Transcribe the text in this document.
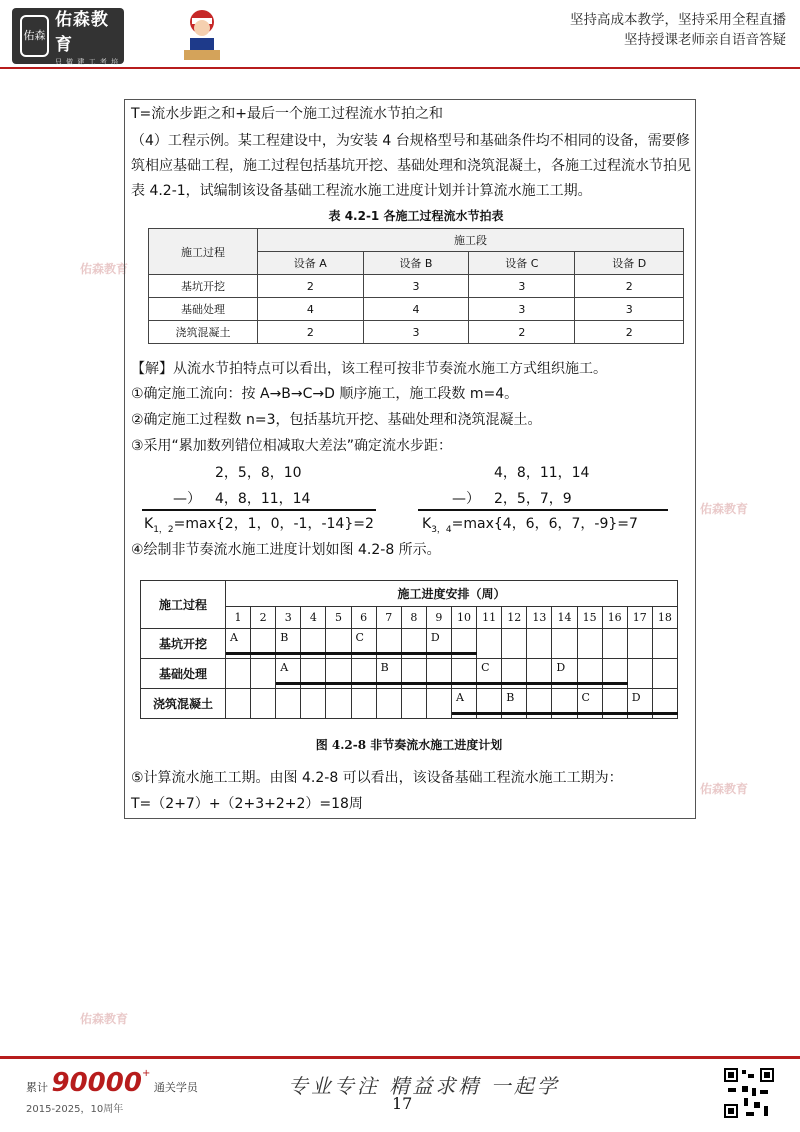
佑森
佑森教育
只 做 建 工 考 培
坚持高成本教学，坚持采用全程直播
坚持授课老师亲自语音答疑
佑森教育
佑森教育
佑森教育
佑森教育
T=流水步距之和+最后一个施工过程流水节拍之和
（4）工程示例。某工程建设中，为安装 4 台规格型号和基础条件均不相同的设备，需要修
筑相应基础工程，施工过程包括基坑开挖、基础处理和浇筑混凝土，各施工过程流水节拍见
表 4.2-1，试编制该设备基础工程流水施工进度计划并计算流水施工工期。
表 4.2-1 各施工过程流水节拍表
施工过程	施工段			
	设备 A	设备 B	设备 C	设备 D
基坑开挖	2	3	3	2
基础处理	4	4	3	3
浇筑混凝土	2	3	2	2
【解】从流水节拍特点可以看出，该工程可按非节奏流水施工方式组织施工。
①确定施工流向：按 A→B→C→D 顺序施工，施工段数 m=4。
②确定施工过程数 n=3，包括基坑开挖、基础处理和浇筑混凝土。
③采用“累加数列错位相减取大差法”确定流水步距：
2，5，8，10
—） 4，8，11，14
$K_{1,2}=\max\{2$，1，0，-1，-14}=2
4，8，11，14
—） 2，5，7，9
$K_{3,4}=\max\{4$，6，6，7，-9}=7
④绘制非节奏流水施工进度计划如图 4.2-8 所示。
施工过程	施工进度安排（周）																	
	1	2	3	4	5	6	7	8	9	10	11	12	13	14	15	16	17	18
基坑开挖	A		B			C			D									

基础处理			A				B				C			D				

浇筑混凝土										A		B			C		D	

图 4.2-8 非节奏流水施工进度计划
⑤计算流水施工工期。由图 4.2-8 可以看出，该设备基础工程流水施工工期为：
T=（2+7）+（2+3+2+2）=18周
累计 90000+ 通关学员
2015-2025，10周年
专业专注 精益求精 一起学
17
